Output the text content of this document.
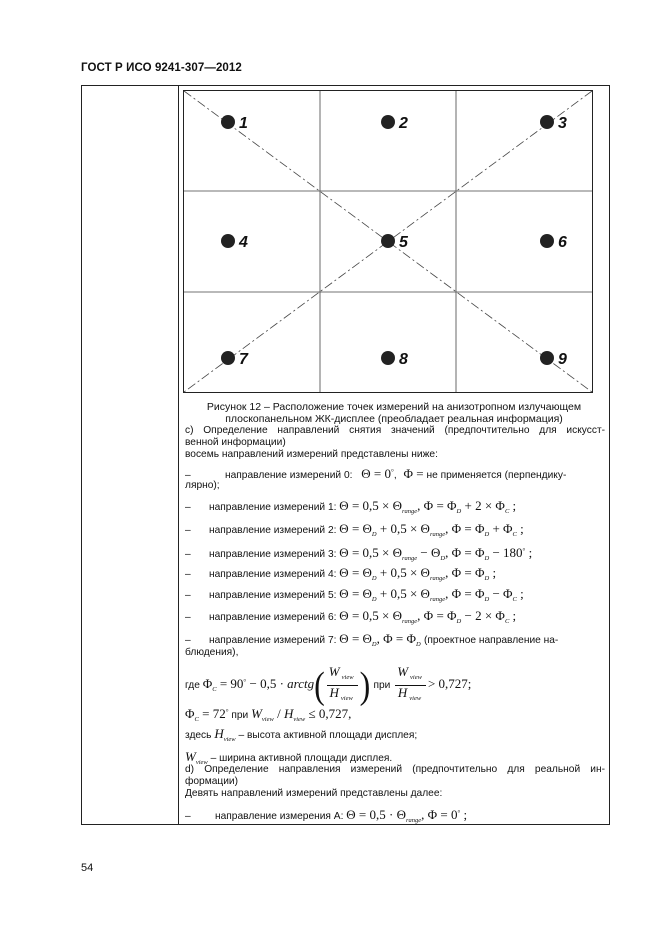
ГОСТ Р ИСО 9241-307—2012
1	2	3
4	5	6
7	8	9
Рисунок 12 – Расположение точек измерений на анизотропном излучающем
плоскопанельном ЖК-дисплее (преобладает реальная информация)
c) Определение направлений снятия значений (предпочтительно для искусст-
венной информации)
восемь направлений измерений представлены ниже:
–	направление измерений 0: Θ = 0°, Φ = не применяется (перпендику-
лярно);
– направление измерений 1: $\Theta = 0,5 \times \Theta_{range}$, $\Phi = \Phi_D + 2 \times \Phi_C$ ;
– направление измерений 2: $\Theta = \Theta_D + 0,5 \times \Theta_{range}$, $\Phi = \Phi_D + \Phi_C$ ;
– направление измерений 3: $\Theta = 0,5 \times \Theta_{range} - \Theta_D$, $\Phi = \Phi_D - 180^\circ$ ;
– направление измерений 4: $\Theta = \Theta_D + 0,5 \times \Theta_{range}$, $\Phi = \Phi_D$ ;
– направление измерений 5: $\Theta = \Theta_D + 0,5 \times \Theta_{range}$, $\Phi = \Phi_D - \Phi_C$ ;
– направление измерений 6: $\Theta = 0,5 \times \Theta_{range}$, $\Phi = \Phi_D - 2 \times \Phi_C$ ;
– направление измерений 7: $\Theta = \Theta_D$, $\Phi = \Phi_D$ (проектное направление на-
блюдения),
где $\Phi_C = 90^\circ - 0,5$ · arctg( $\frac{W _{view}}{H _{view}}$ ) при $\frac{W _{view}}{H _{view}} > 0,727$;
$\Phi_C = 72^\circ$ при $W_{view} / H_{view} \le 0,727$,
здесь $H_{view}$ – высота активной площади дисплея;
$W_{view}$ – ширина активной площади дисплея.
d) Определение направления измерений (предпочтительно для реальной ин-
формации)
Девять направлений измерений представлены далее:
– направление измерения А: $\Theta = 0,5 \cdot \Theta_{range}$, Φ = 0° ;
54
